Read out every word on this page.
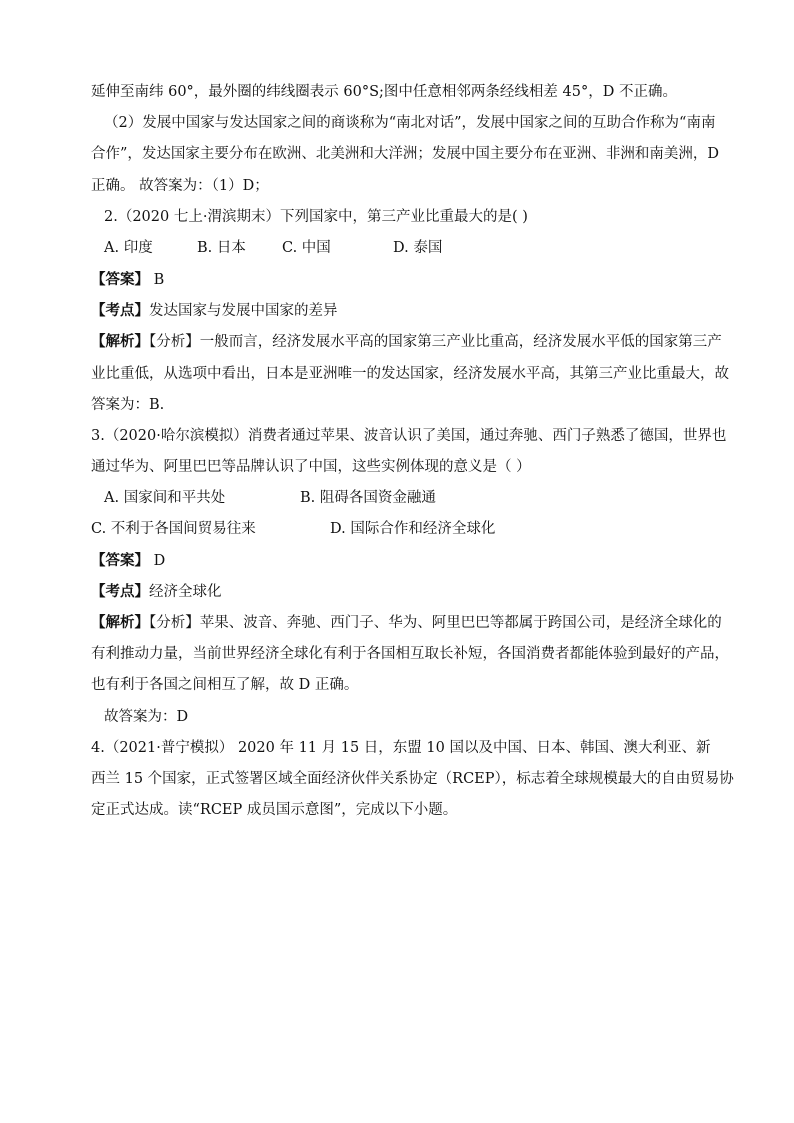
延伸至南纬 60°，最外圈的纬线圈表示 60°S;图中任意相邻两条经线相差 45°，D 不正确。
（2）发展中国家与发达国家之间的商谈称为“南北对话”，发展中国家之间的互助合作称为“南南
合作”，发达国家主要分布在欧洲、北美洲和大洋洲；发展中国主要分布在亚洲、非洲和南美洲，D
正确。 故答案为：（1）D；
2.（2020 七上·渭滨期末）下列国家中，第三产业比重最大的是( )
A. 印度	B. 日本 C. 中国	D. 泰国
【答案】 B
【考点】发达国家与发展中国家的差异
【解析】【分析】一般而言，经济发展水平高的国家第三产业比重高，经济发展水平低的国家第三产
业比重低，从选项中看出，日本是亚洲唯一的发达国家，经济发展水平高，其第三产业比重最大，故
答案为：B.
3.（2020·哈尔滨模拟）消费者通过苹果、波音认识了美国，通过奔驰、西门子熟悉了德国，世界也
通过华为、阿里巴巴等品牌认识了中国，这些实例体现的意义是（ ）
A. 国家间和平共处	B. 阻碍各国资金融通
C. 不利于各国间贸易往来	D. 国际合作和经济全球化
【答案】 D
【考点】经济全球化
【解析】【分析】苹果、波音、奔驰、西门子、华为、阿里巴巴等都属于跨国公司，是经济全球化的
有利推动力量，当前世界经济全球化有利于各国相互取长补短，各国消费者都能体验到最好的产品，
也有利于各国之间相互了解，故 D 正确。
故答案为：D
4.（2021·普宁模拟） 2020 年 11 月 15 日，东盟 10 国以及中国、日本、韩国、澳大利亚、新
西兰 15 个国家，正式签署区域全面经济伙伴关系协定（RCEP），标志着全球规模最大的自由贸易协
定正式达成。读“RCEP 成员国示意图”，完成以下小题。
